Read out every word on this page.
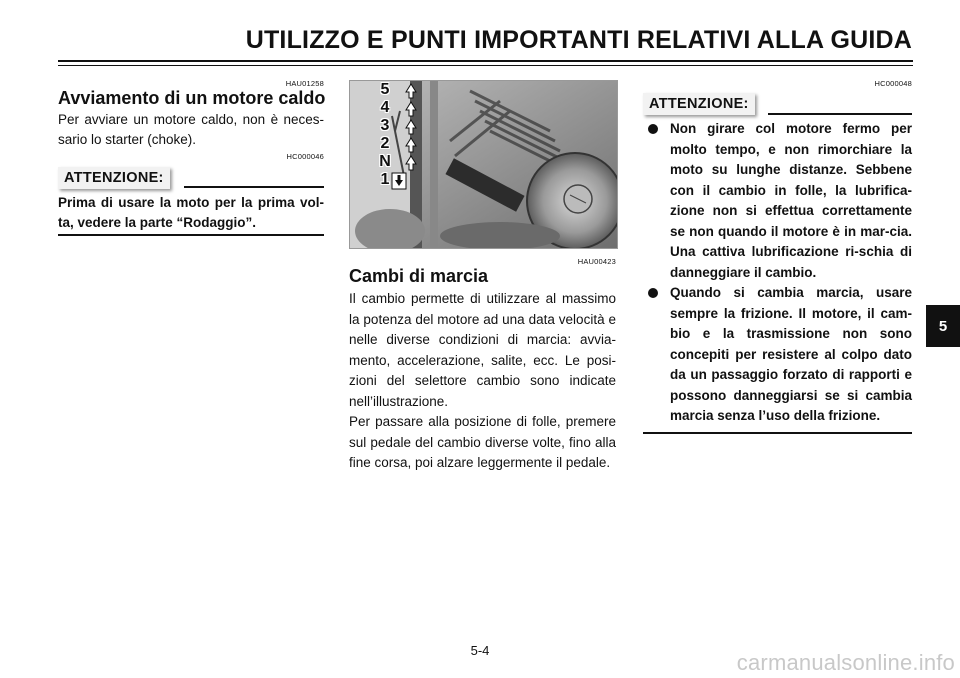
UTILIZZO E PUNTI IMPORTANTI RELATIVI ALLA GUIDA
HAU01258
Avviamento di un motore caldo
Per avviare un motore caldo, non è neces-sario lo starter (choke).
HC000046
ATTENZIONE:
Prima di usare la moto per la prima vol-ta, vedere la parte “Rodaggio”.
5
4
3
2
N
1
HAU00423
Cambi di marcia
Il cambio permette di utilizzare al massimo la potenza del motore ad una data velocità e nelle diverse condizioni di marcia: avvia-mento, accelerazione, salite, ecc. Le posi-zioni del selettore cambio sono indicate nell’illustrazione.
Per passare alla posizione di folle, premere sul pedale del cambio diverse volte, fino alla fine corsa, poi alzare leggermente il pedale.
HC000048
ATTENZIONE:
Non girare col motore fermo per molto tempo, e non rimorchiare la moto su lunghe distanze. Sebbene con il cambio in folle, la lubrifica-zione non si effettua correttamente se non quando il motore è in mar-cia. Una cattiva lubrificazione ri-schia di danneggiare il cambio.
Quando si cambia marcia, usare sempre la frizione. Il motore, il cam-bio e la trasmissione non sono concepiti per resistere al colpo dato da un passaggio forzato di rapporti e possono danneggiarsi se si cambia marcia senza l’uso della frizione.
5
5-4	carmanualsonline.info
